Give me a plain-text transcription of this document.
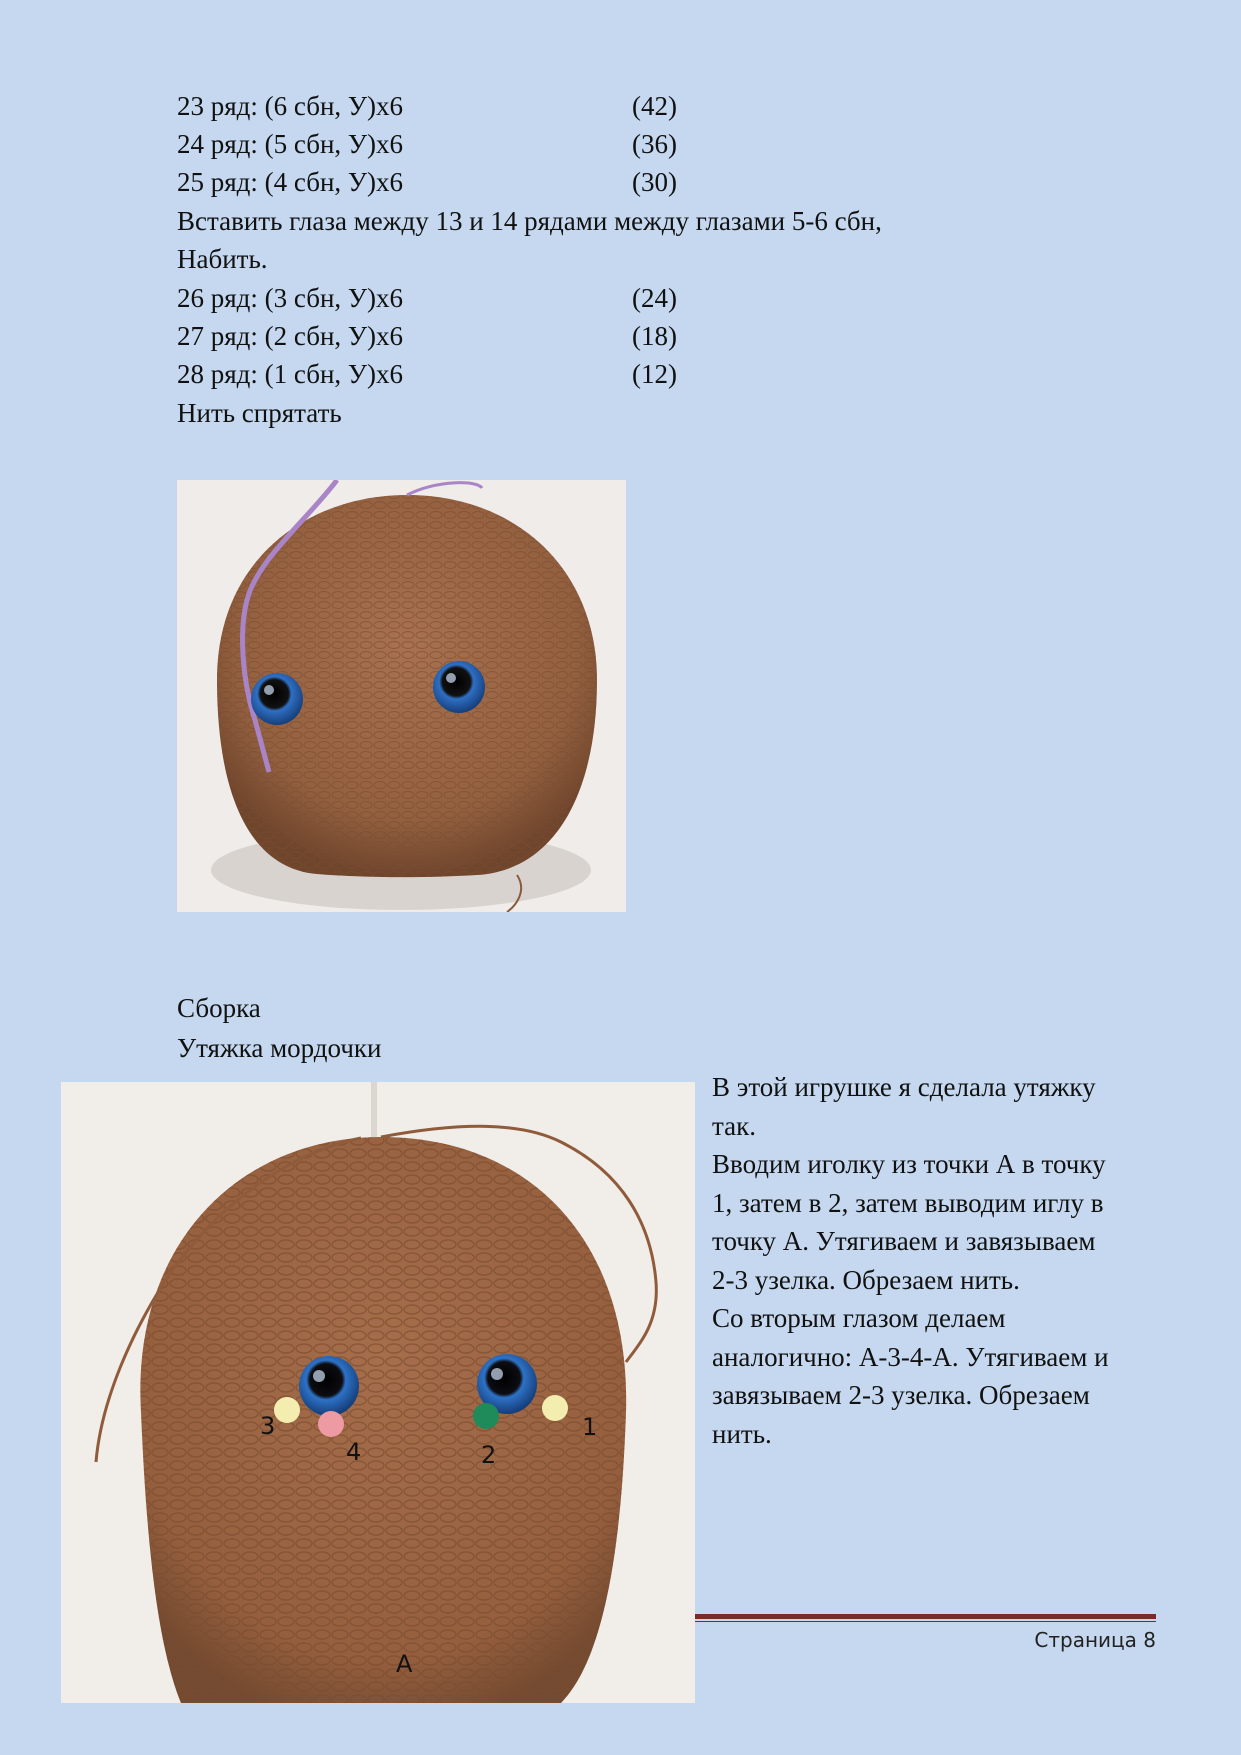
23 ряд: (6 сбн, У)х6	(42)
24 ряд: (5 сбн, У)х6	(36)
25 ряд: (4 сбн, У)х6	(30)
Вставить глаза между 13 и 14 рядами между глазами 5-6 сбн,
Набить.
26 ряд: (3 сбн, У)х6	(24)
27 ряд: (2 сбн, У)х6	(18)
28 ряд: (1 сбн, У)х6	(12)
Нить спрятать
Сборка
Утяжка мордочки
3
4	2
1
А
В этой игрушке я сделала утяжку
так.
Вводим иголку из точки А в точку
1, затем в 2, затем выводим иглу в
точку А. Утягиваем и завязываем
2-3 узелка. Обрезаем нить.
Со вторым глазом делаем
аналогично: А-3-4-А. Утягиваем и
завязываем 2-3 узелка. Обрезаем
нить.
Страница 8
